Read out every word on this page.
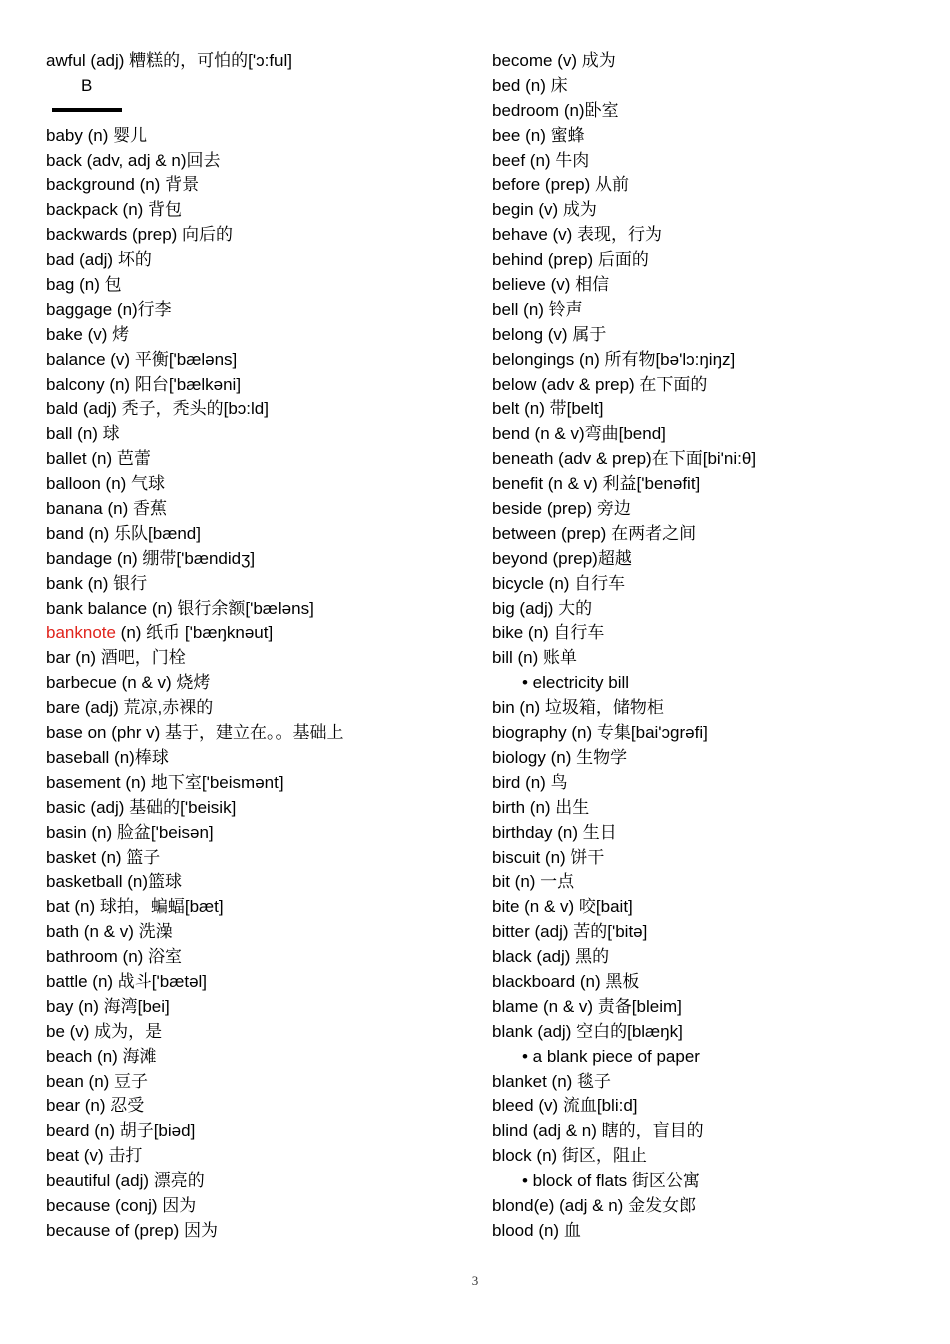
awful (adj) 糟糕的，可怕的['ɔ:ful]
B
baby (n) 婴儿
back (adv, adj & n)回去
background (n) 背景
backpack (n) 背包
backwards (prep) 向后的
bad (adj) 坏的
bag (n) 包
baggage (n)行李
bake (v) 烤
balance (v) 平衡['bæləns]
balcony (n) 阳台['bælkəni]
bald (adj) 秃子，秃头的[bɔ:ld]
ball (n) 球
ballet (n) 芭蕾
balloon (n) 气球
banana (n) 香蕉
band (n) 乐队[bænd]
bandage (n) 绷带['bændidʒ]
bank (n) 银行
bank balance (n) 银行余额['bæləns]
banknote (n) 纸币 ['bæŋknəut]
bar (n) 酒吧，门栓
barbecue (n & v) 烧烤
bare (adj) 荒凉,赤裸的
base on (phr v) 基于，建立在。。基础上
baseball (n)棒球
basement (n) 地下室['beismənt]
basic (adj) 基础的['beisik]
basin (n) 脸盆['beisən]
basket (n) 篮子
basketball (n)篮球
bat (n) 球拍，蝙蝠[bæt]
bath (n & v) 洗澡
bathroom (n) 浴室
battle (n) 战斗['bætəl]
bay (n) 海湾[bei]
be (v) 成为，是
beach (n) 海滩
bean (n) 豆子
bear (n) 忍受
beard (n) 胡子[biəd]
beat (v) 击打
beautiful (adj) 漂亮的
because (conj) 因为
because of (prep) 因为
become (v) 成为
bed (n) 床
bedroom (n)卧室
bee (n) 蜜蜂
beef (n) 牛肉
before (prep) 从前
begin (v) 成为
behave (v) 表现，行为
behind (prep) 后面的
believe (v) 相信
bell (n) 铃声
belong (v) 属于
belongings (n) 所有物[bə'lɔ:ŋiŋz]
below (adv & prep) 在下面的
belt (n) 带[belt]
bend (n & v)弯曲[bend]
beneath (adv & prep)在下面[bi'ni:θ]
benefit (n & v) 利益['benəfit]
beside (prep) 旁边
between (prep) 在两者之间
beyond (prep)超越
bicycle (n) 自行车
big (adj) 大的
bike (n) 自行车
bill (n) 账单
• electricity bill
bin (n) 垃圾箱，储物柜
biography (n) 专集[bai'ɔgrəfi]
biology (n) 生物学
bird (n) 鸟
birth (n) 出生
birthday (n) 生日
biscuit (n) 饼干
bit (n) 一点
bite (n & v) 咬[bait]
bitter (adj) 苦的['bitə]
black (adj) 黑的
blackboard (n) 黑板
blame (n & v) 责备[bleim]
blank (adj) 空白的[blæŋk]
• a blank piece of paper
blanket (n) 毯子
bleed (v) 流血[bli:d]
blind (adj & n) 瞎的，盲目的
block (n) 街区，阻止
• block of flats 街区公寓
blond(e) (adj & n) 金发女郎
blood (n) 血
3
